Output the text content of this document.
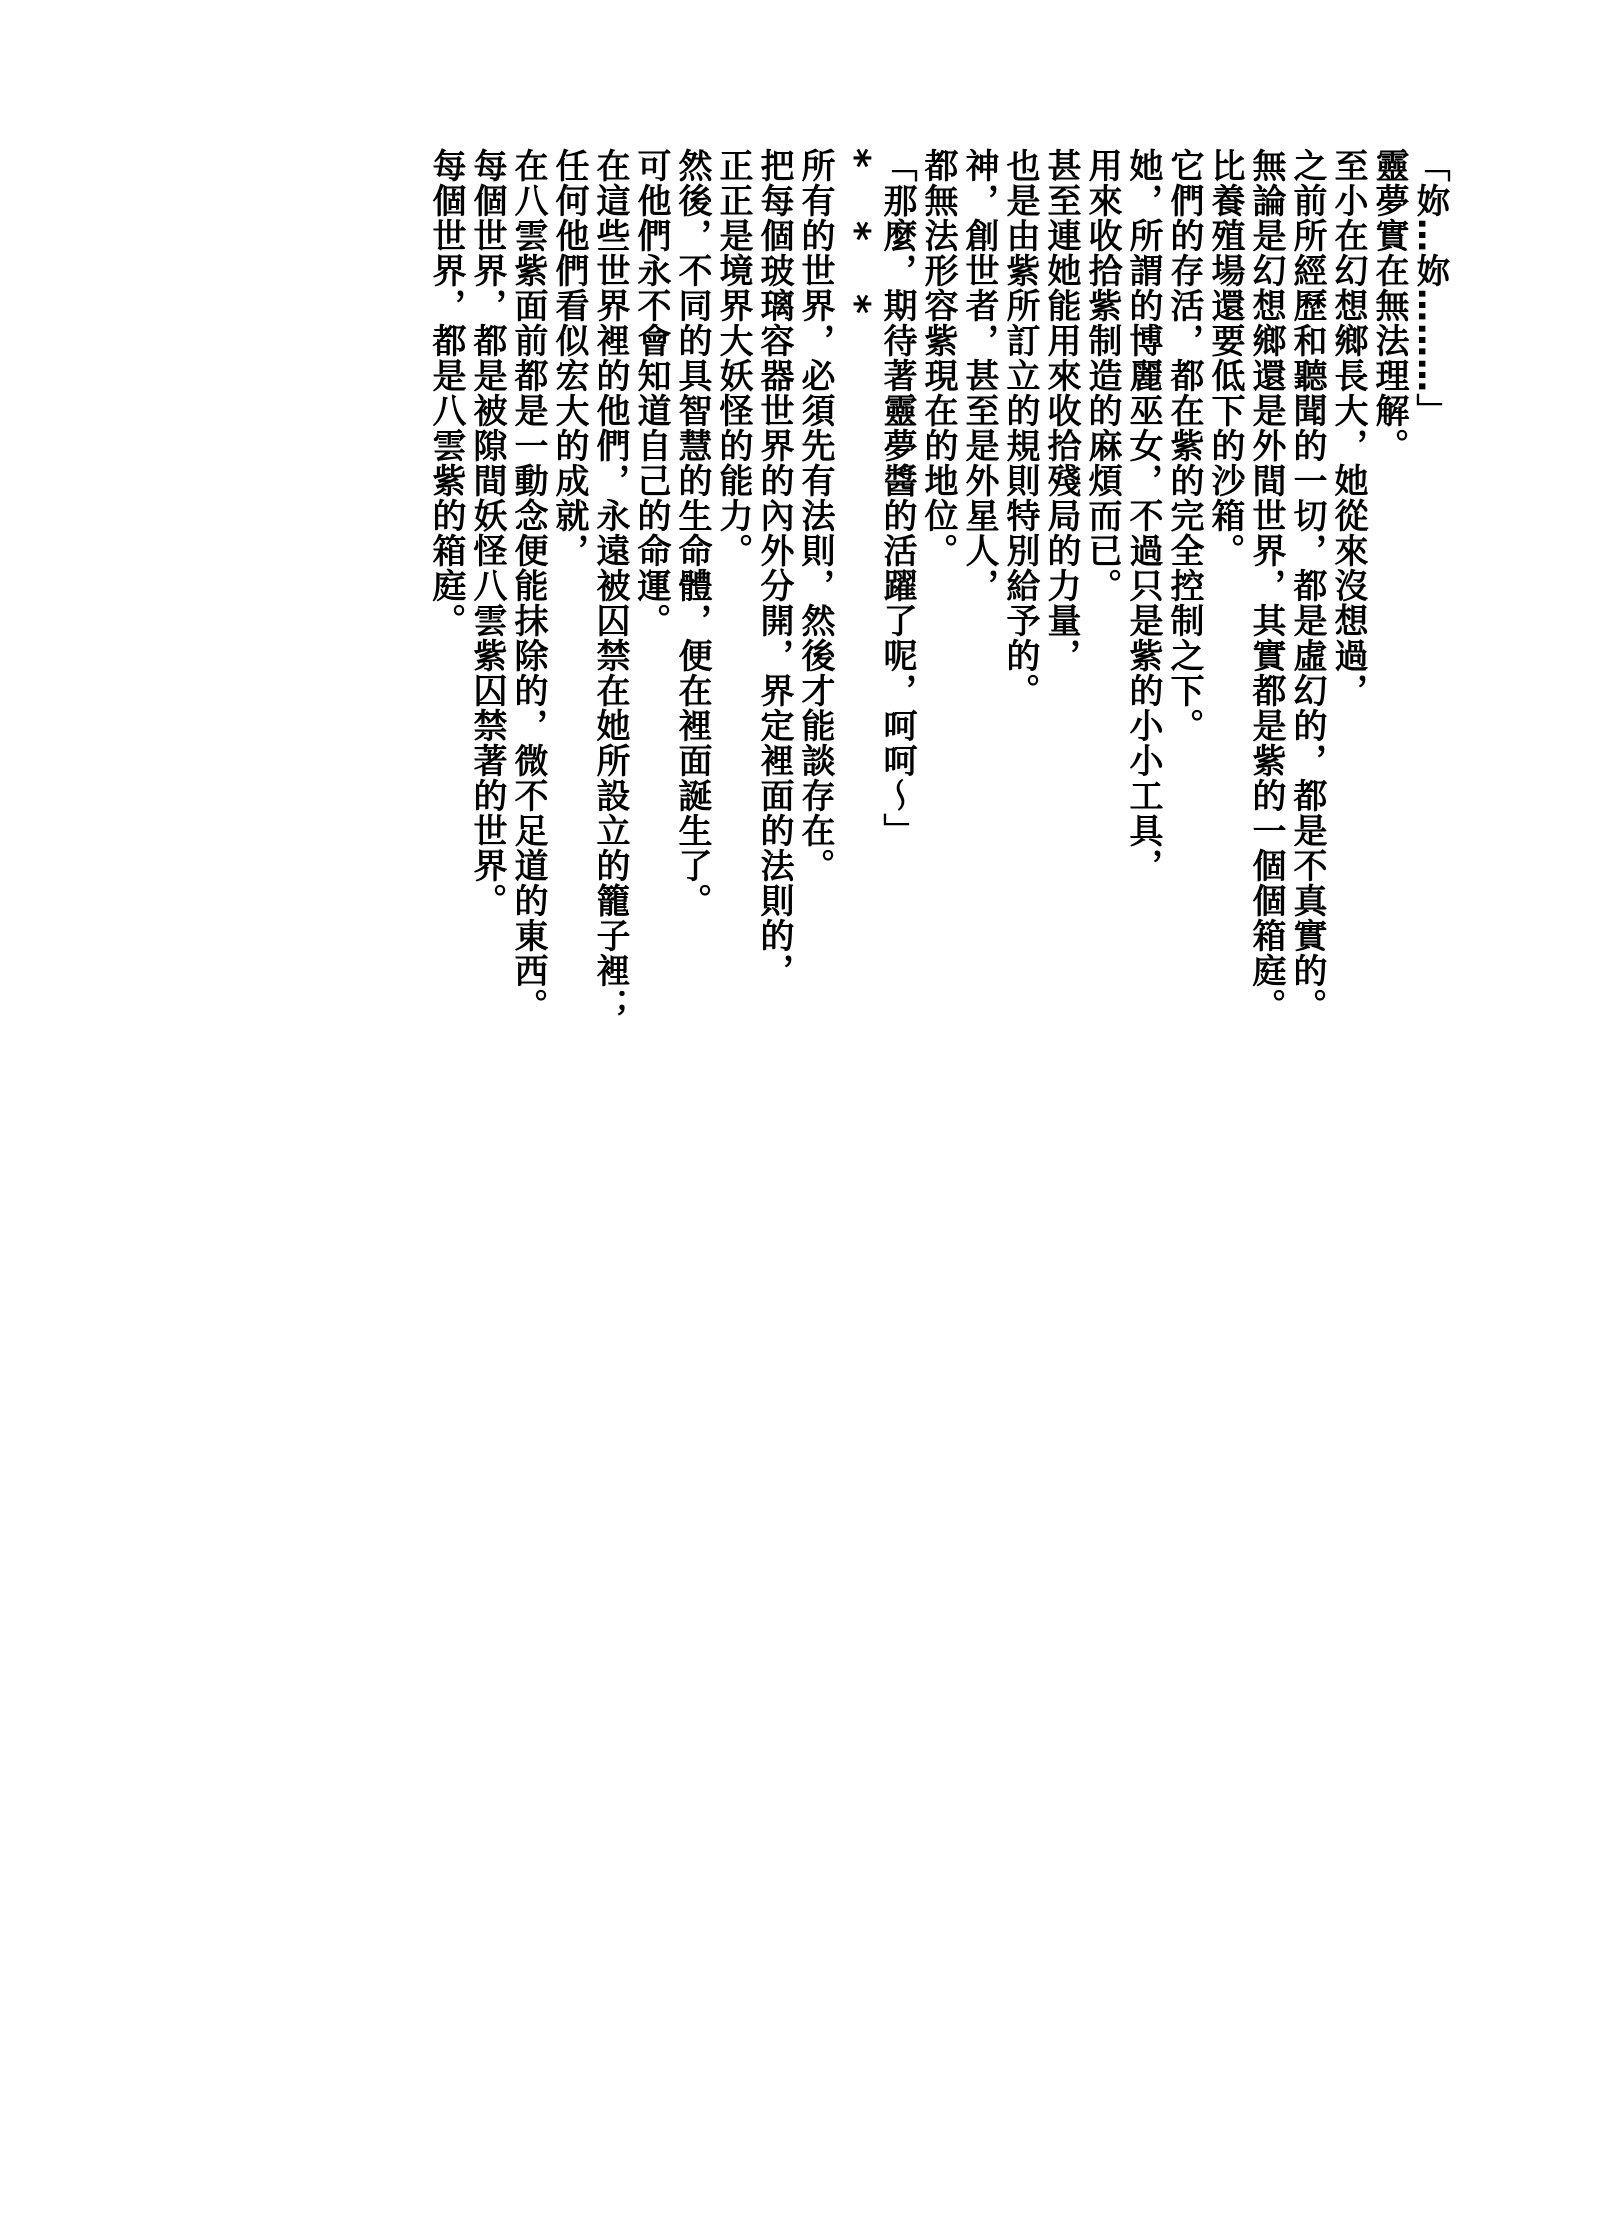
「妳…妳………」

靈夢實在無法理解。

至小在幻想鄉長大，她從來沒想過，

之前所經歷和聽聞的一切，都是虛幻的，都是不真實的。

無論是幻想鄉還是外間世界，其實都是紫的一個個箱庭。

比養殖場還要低下的沙箱。

它們的存活，都在紫的完全控制之下。

她，所謂的博麗巫女，不過只是紫的小小工具，

用來收拾紫制造的麻煩而已。

甚至連她能用來收拾殘局的力量，

也是由紫所訂立的規則特別給予的。

神，創世者，甚至是外星人，

都無法形容紫現在的地位。

「那麼，期待著靈夢醬的活躍了呢，呵呵～」

***

所有的世界，必須先有法則，然後才能談存在。

把每個玻璃容器世界的內外分開，界定裡面的法則的，

正正是境界大妖怪的能力。

然後，不同的具智慧的生命體，便在裡面誕生了。

可他們永不會知道自己的命運。

在這些世界裡的他們，永遠被囚禁在她所設立的籠子裡；

任何他們看似宏大的成就，

在八雲紫面前都是一動念便能抹除的，微不足道的東西。

每個世界，都是被隙間妖怪八雲紫囚禁著的世界。

每個世界，都是八雲紫的箱庭。
